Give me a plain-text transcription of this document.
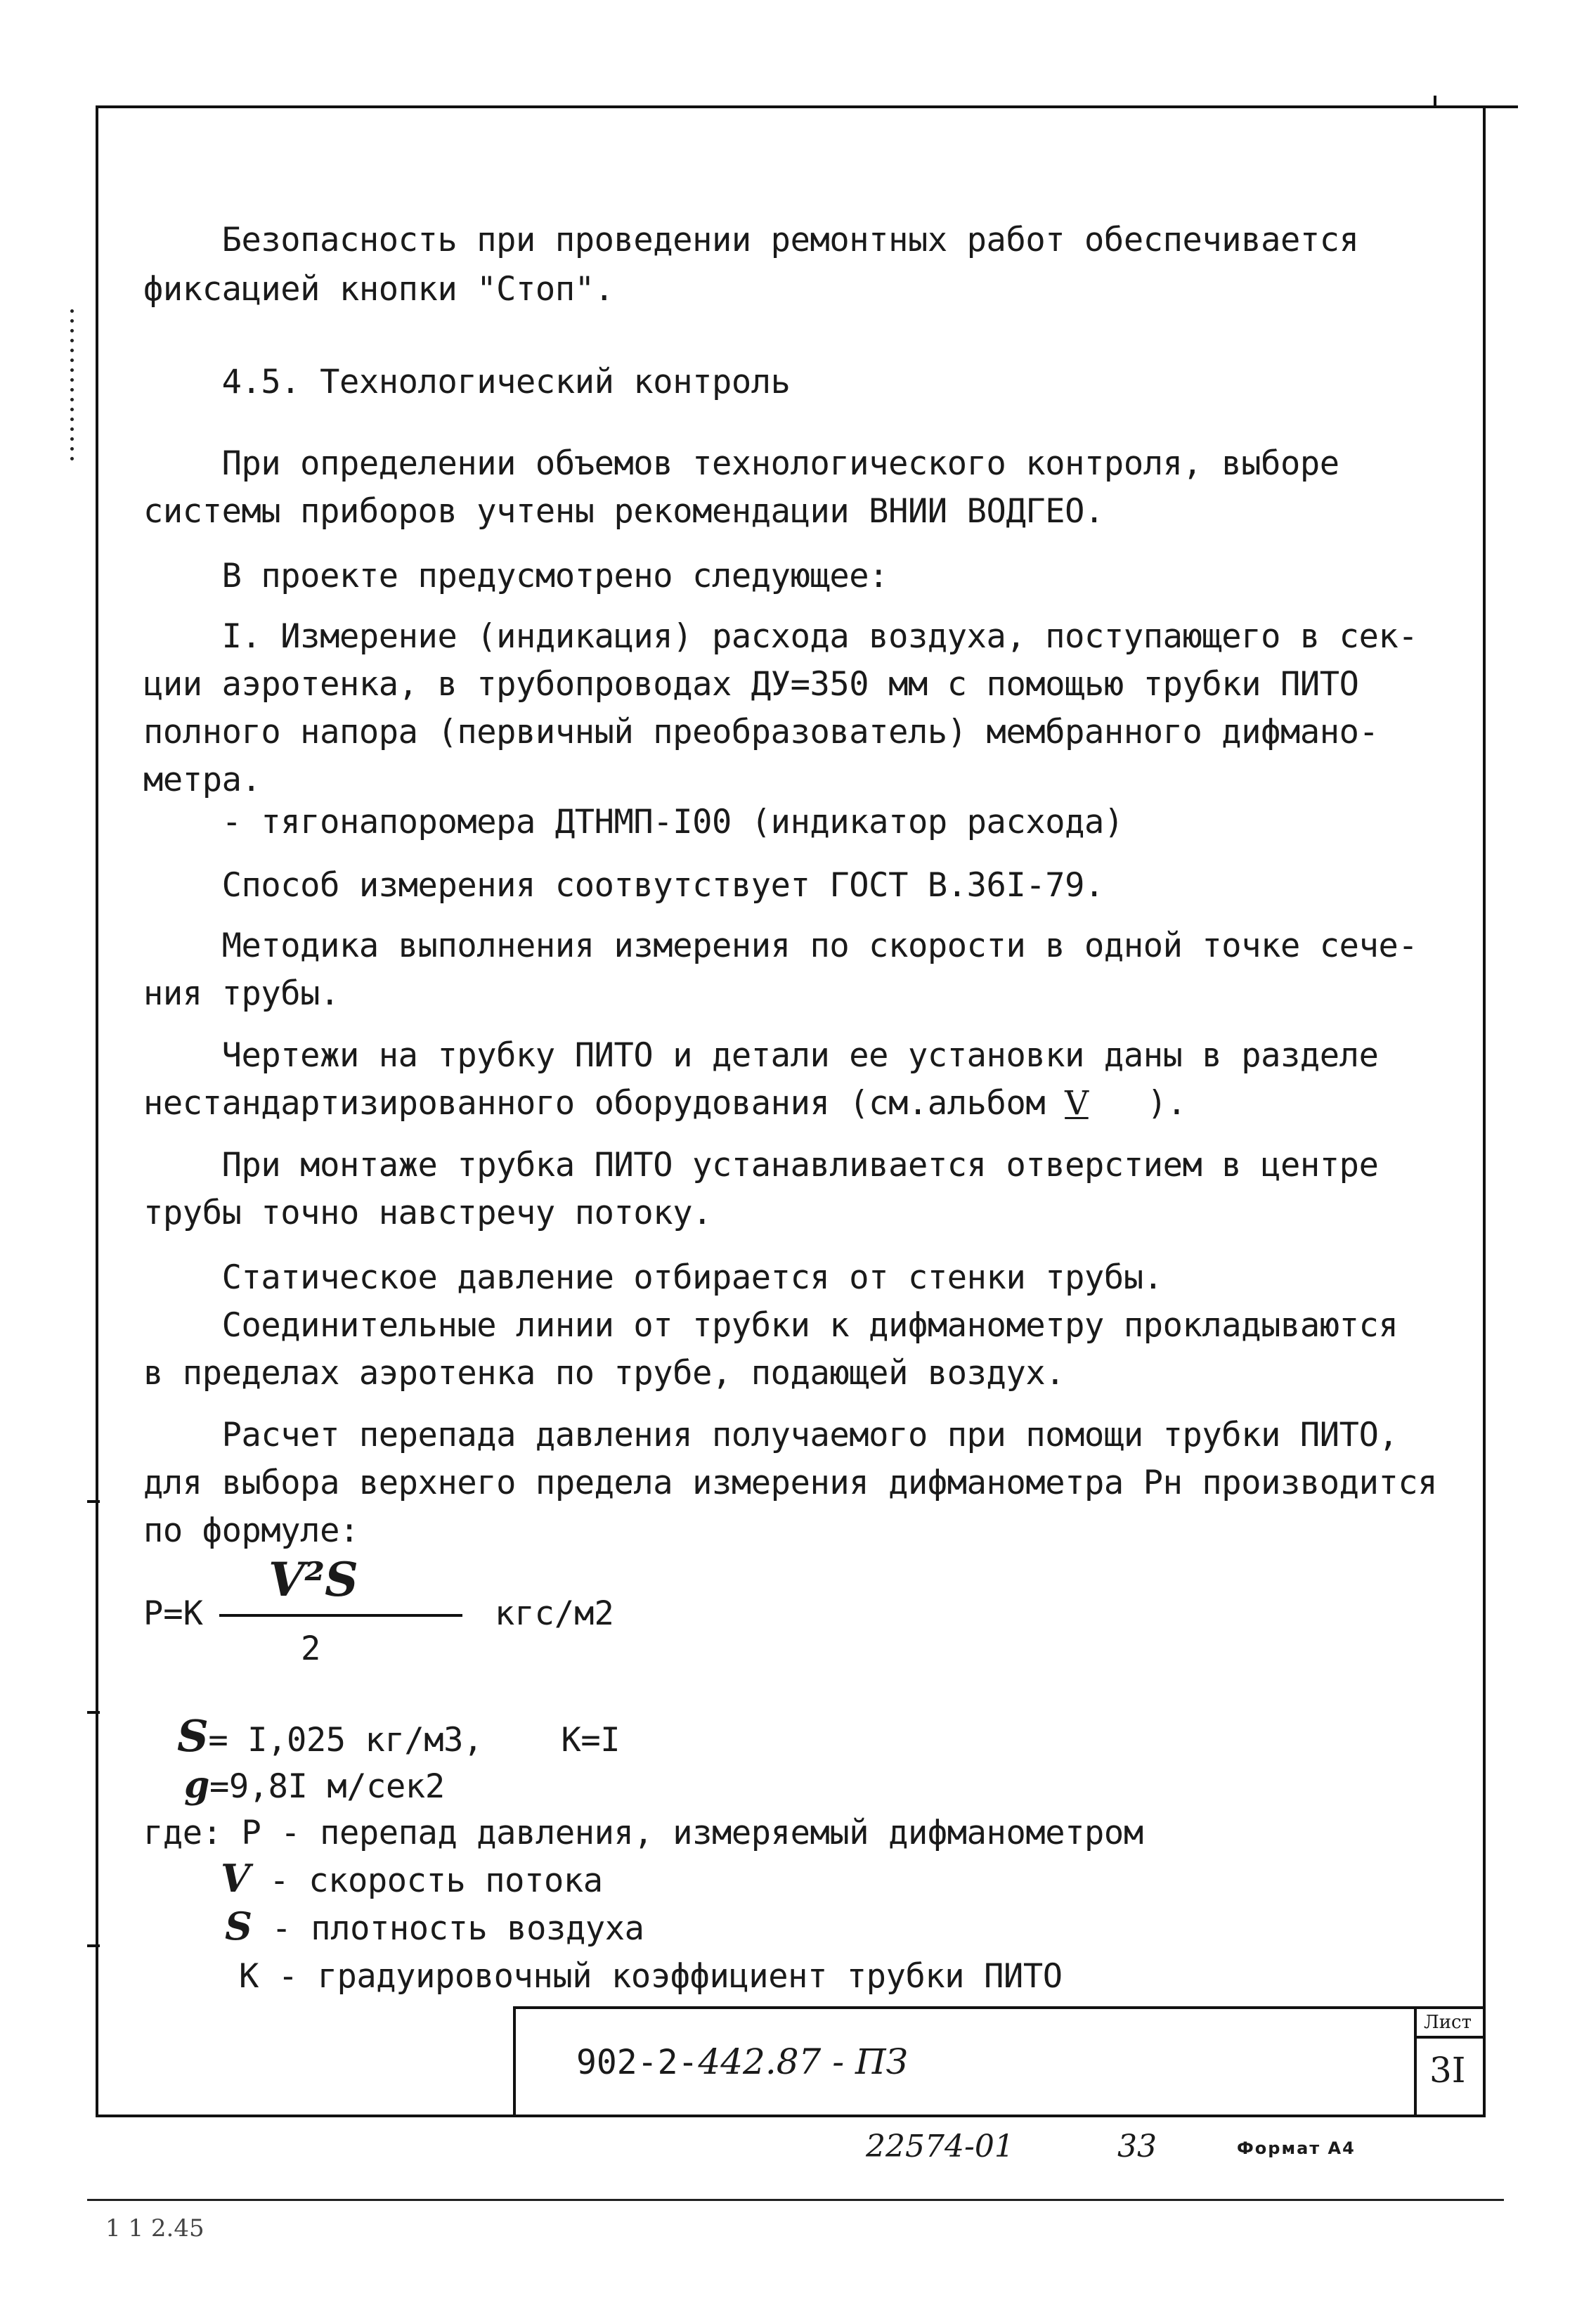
Безопасность при проведении ремонтных работ обеспечивается
фиксацией кнопки "Стоп".
4.5. Технологический контроль
При определении объемов технологического контроля, выборе
системы приборов учтены рекомендации ВНИИ ВОДГЕО.
В проекте предусмотрено следующее:
I. Измерение (индикация) расхода воздуха, поступающего в сек-
ции аэротенка, в трубопроводах ДУ=350 мм с помощью трубки ПИТО
полного напора (первичный преобразователь) мембранного дифмано-
метра.
- тягонапоромера ДТНМП-I00 (индикатор расхода)
Способ измерения соотвутствует ГОСТ В.36I-79.
Методика выполнения измерения по скорости в одной точке сече-
ния трубы.
Чертежи на трубку ПИТО и детали ее установки даны в разделе
нестандартизированного оборудования (см.альбом V   ).
При монтаже трубка ПИТО устанавливается отверстием в центре
трубы точно навстречу потоку.
Статическое давление отбирается от стенки трубы.
Соединительные линии от трубки к дифманометру прокладываются
в пределах аэротенка по трубе, подающей воздух.
Расчет перепада давления получаемого при помощи трубки ПИТО,
для выбора верхнего предела измерения дифманометра Рн производится
по формуле:
Р=К
V²S
2
кгс/м2
S= I,025 кг/м3,    К=I
g=9,8I м/сек2
где: Р - перепад давления, измеряемый дифманометром
V - скорость потока
S - плотность воздуха
К - градуировочный коэффициент трубки ПИТО
902-2-442.87 - ПЗ
Лист
3I
22574-01	33	Формат А4
1 1 2.45
